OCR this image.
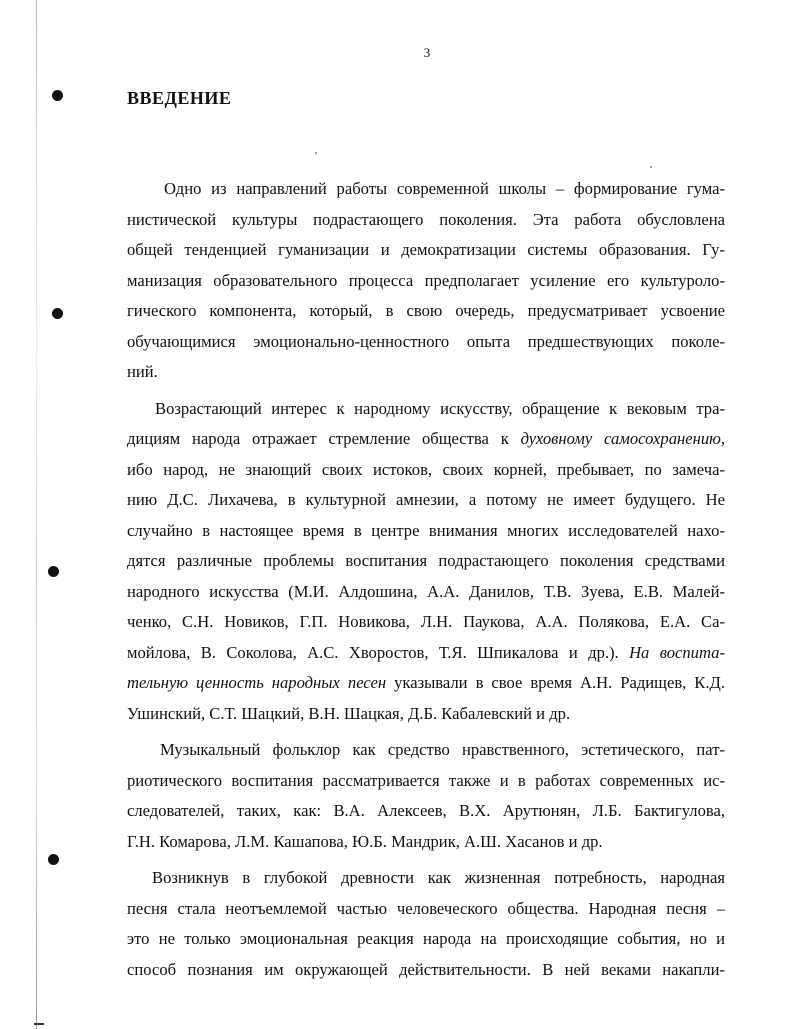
3
ВВЕДЕНИЕ
Одно из направлений работы современной школы – формирование гума-
нистической культуры подрастающего поколения. Эта работа обусловлена
общей тенденцией гуманизации и демократизации системы образования. Гу-
манизация образовательного процесса предполагает усиление его культуроло-
гического компонента, который, в свою очередь, предусматривает усвоение
обучающимися эмоционально-ценностного опыта предшествующих поколе-
ний.
Возрастающий интерес к народному искусству, обращение к вековым тра-
дициям народа отражает стремление общества к духовному самосохранению,
ибо народ, не знающий своих истоков, своих корней, пребывает, по замеча-
нию Д.С. Лихачева, в культурной амнезии, а потому не имеет будущего. Не
случайно в настоящее время в центре внимания многих исследователей нахо-
дятся различные проблемы воспитания подрастающего поколения средствами
народного искусства (М.И. Алдошина, А.А. Данилов, Т.В. Зуева, Е.В. Малей-
ченко, С.Н. Новиков, Г.П. Новикова, Л.Н. Паукова, А.А. Полякова, Е.А. Са-
мойлова, В. Соколова, А.С. Хворостов, Т.Я. Шпикалова и др.). На воспита-
тельную ценность народных песен указывали в свое время А.Н. Радищев, К.Д.
Ушинский, С.Т. Шацкий, В.Н. Шацкая, Д.Б. Кабалевский и др.
Музыкальный фольклор как средство нравственного, эстетического, пат-
риотического воспитания рассматривается также и в работах современных ис-
следователей, таких, как: В.А. Алексеев, В.Х. Арутюнян, Л.Б. Бактигулова,
Г.Н. Комарова, Л.М. Кашапова, Ю.Б. Мандрик, А.Ш. Хасанов и др.
Возникнув в глубокой древности как жизненная потребность, народная
песня стала неотъемлемой частью человеческого общества. Народная песня –
это не только эмоциональная реакция народа на происходящие события, но и
способ познания им окружающей действительности. В ней веками накапли-
